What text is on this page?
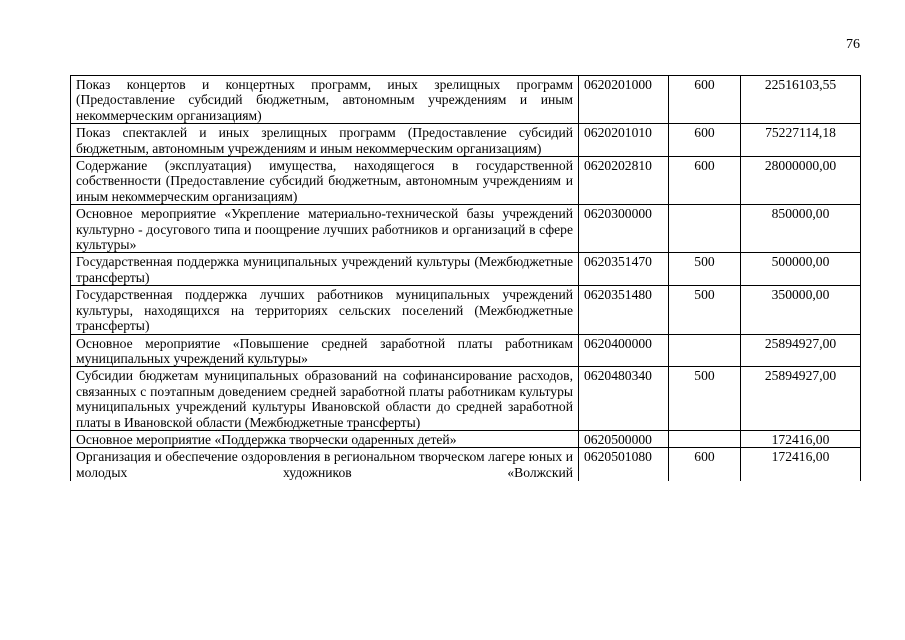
76
Показ концертов и концертных программ, иных зрелищных программ (Предоставление субсидий бюджетным, автономным учреждениям и иным некоммерческим организациям)	0620201000	600	22516103,55
Показ спектаклей и иных зрелищных программ (Предоставление субсидий бюджетным, автономным учреждениям и иным некоммерческим организациям)	0620201010	600	75227114,18
Содержание (эксплуатация) имущества, находящегося в государственной собственности (Предоставление субсидий бюджетным, автономным учреждениям и иным некоммерческим организациям)	0620202810	600	28000000,00
Основное мероприятие «Укрепление материально-технической базы учреждений культурно - досугового типа и поощрение лучших работников и организаций в сфере культуры»	0620300000		850000,00
Государственная поддержка муниципальных учреждений культуры (Межбюджетные трансферты)	0620351470	500	500000,00
Государственная поддержка лучших работников муниципальных учреждений культуры, находящихся на территориях сельских поселений (Межбюджетные трансферты)	0620351480	500	350000,00
Основное мероприятие «Повышение средней заработной платы работникам муниципальных учреждений культуры»	0620400000		25894927,00
Субсидии бюджетам муниципальных образований на софинансирование расходов, связанных с поэтапным доведением средней заработной платы работникам культуры муниципальных учреждений культуры Ивановской области до средней заработной платы в Ивановской области (Межбюджетные трансферты)	0620480340	500	25894927,00
Основное мероприятие «Поддержка творчески одаренных детей»	0620500000		172416,00
Организация и обеспечение оздоровления в региональном творческом лагере юных и молодых художников «Волжский	0620501080	600	172416,00
